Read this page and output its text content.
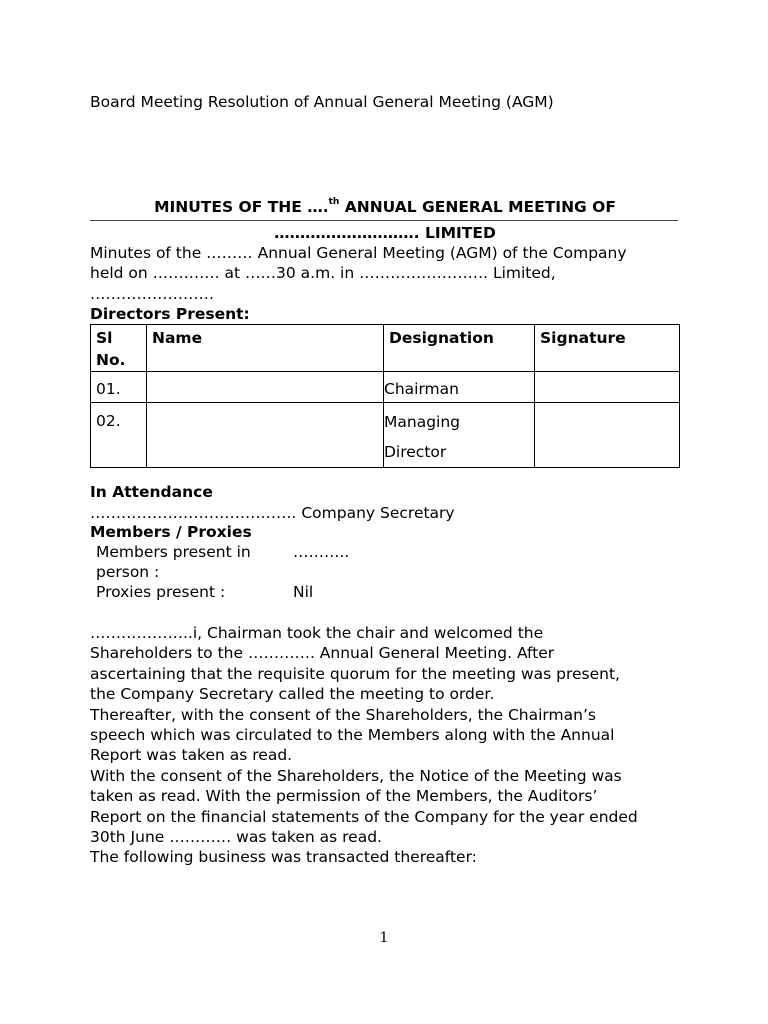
Board Meeting Resolution of Annual General Meeting (AGM)
MINUTES OF THE ….$^{th}$ ANNUAL GENERAL MEETING OF
………………………. LIMITED

Minutes of the ……… Annual General Meeting (AGM) of the Company

held on …………. at ……30 a.m. in ……………………. Limited,

……………………

Directors Present:
Sl
No.	Name	Designation	Signature
01.		Chairman	
02.		Managing
Director	
In Attendance
…………………………………. Company Secretary
Members / Proxies
Members present in
person :	………..
Proxies present :	Nil

………………..i, Chairman took the chair and welcomed the

Shareholders to the …………. Annual General Meeting. After

ascertaining that the requisite quorum for the meeting was present,

the Company Secretary called the meeting to order.

Thereafter, with the consent of the Shareholders, the Chairman’s

speech which was circulated to the Members along with the Annual

Report was taken as read.

With the consent of the Shareholders, the Notice of the Meeting was

taken as read. With the permission of the Members, the Auditors’

Report on the financial statements of the Company for the year ended

30th June ………… was taken as read.

The following business was transacted thereafter:

1
